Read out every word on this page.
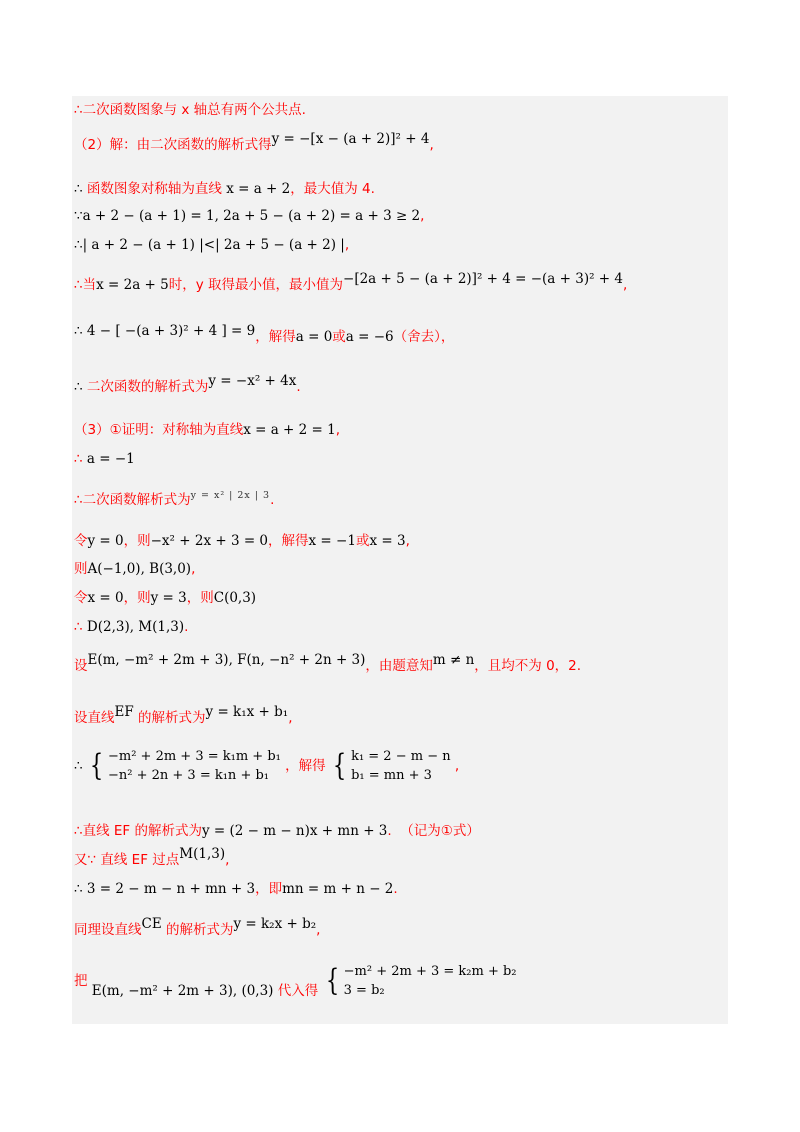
∴二次函数图象与 x 轴总有两个公共点.
（2）解：由二次函数的解析式得y = −[x − (a + 2)]² + 4,
∴ 函数图象对称轴为直线 x = a + 2，最大值为 4.
∵a + 2 − (a + 1) = 1, 2a + 5 − (a + 2) = a + 3 ≥ 2,
∴| a + 2 − (a + 1) |<| 2a + 5 − (a + 2) |,
∴当x = 2a + 5时，y 取得最小值，最小值为−[2a + 5 − (a + 2)]² + 4 = −(a + 3)² + 4,
∴ 4 − [ −(a + 3)² + 4 ] = 9，解得a = 0或a = −6（舍去），
∴ 二次函数的解析式为y = −x² + 4x.
（3）①证明：对称轴为直线x = a + 2 = 1,
∴ a = −1
∴二次函数解析式为$^{y = x^2 | 2x | 3}$.
令y = 0，则−x² + 2x + 3 = 0，解得x = −1或x = 3,
则A(−1,0), B(3,0),
令x = 0，则y = 3，则C(0,3)
∴ D(2,3), M(1,3).
设E(m, −m² + 2m + 3), F(n, −n² + 2n + 3)，由题意知m ≠ n，且均不为 0，2.
设直线EF 的解析式为y = k₁x + b₁,
∴ { −m² + 2m + 3 = k₁m + b₁
−n² + 2n + 3 = k₁n + b₁
，解得 { k₁ = 2 − m − n
b₁ = mn + 3
,
∴直线 EF 的解析式为y = (2 − m − n)x + mn + 3.  （记为①式）
又∵ 直线 EF 过点M(1,3),
∴ 3 = 2 − m − n + mn + 3，即mn = m + n − 2.
同理设直线CE 的解析式为y = k₂x + b₂,
把 E(m, −m² + 2m + 3), (0,3) 代入得 { −m² + 2m + 3 = k₂m + b₂
3 = b₂
